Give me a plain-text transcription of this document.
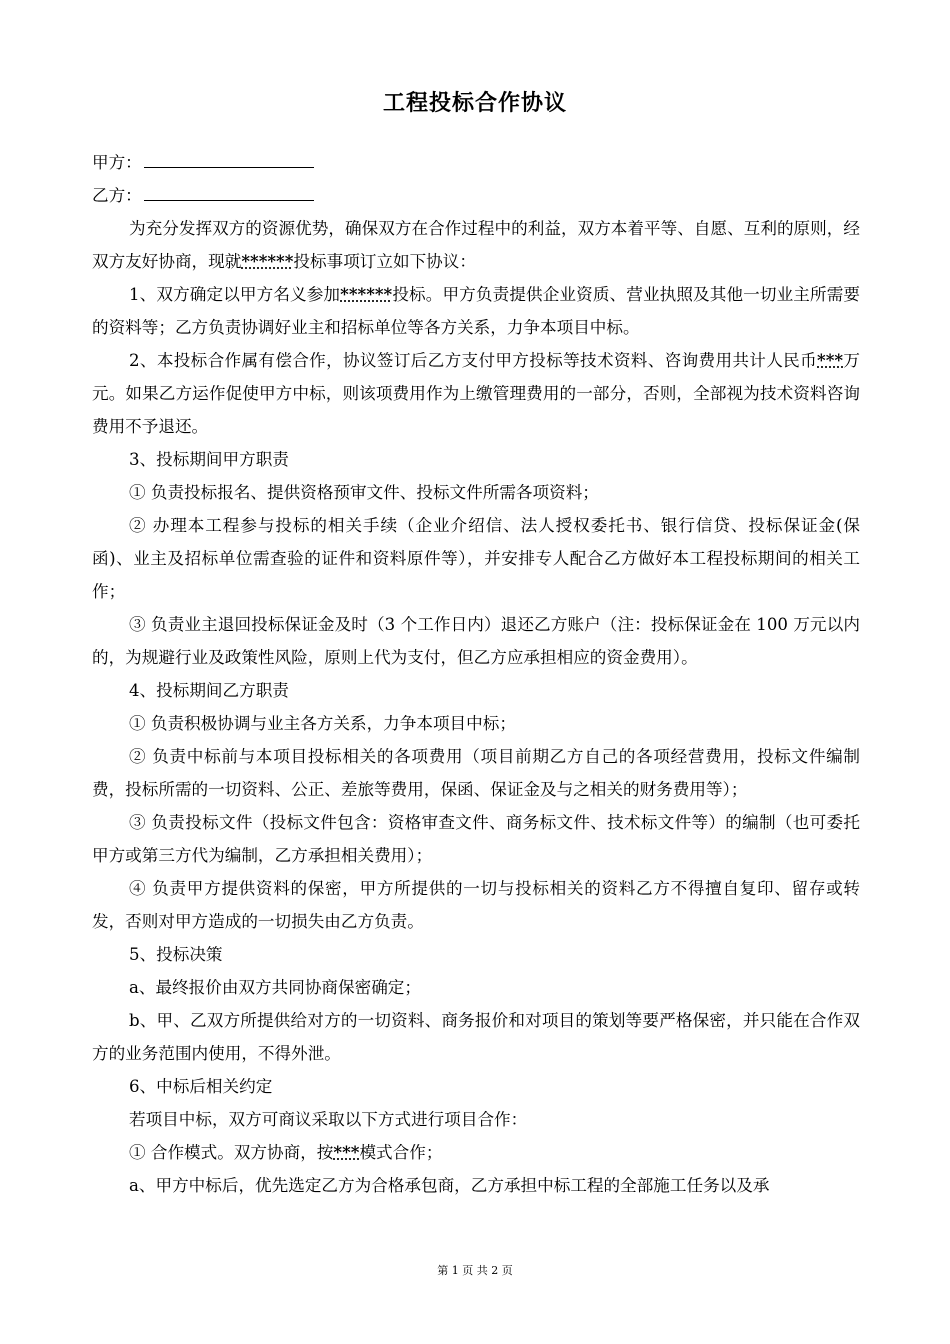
工程投标合作协议

甲方：

乙方：

为充分发挥双方的资源优势，确保双方在合作过程中的利益，双方本着平等、自愿、互利的原则，经双方友好协商，现就******投标事项订立如下协议：

1、双方确定以甲方名义参加******投标。甲方负责提供企业资质、营业执照及其他一切业主所需要的资料等；乙方负责协调好业主和招标单位等各方关系，力争本项目中标。

2、本投标合作属有偿合作，协议签订后乙方支付甲方投标等技术资料、咨询费用共计人民币***万元。如果乙方运作促使甲方中标，则该项费用作为上缴管理费用的一部分，否则，全部视为技术资料咨询费用不予退还。

3、投标期间甲方职责

① 负责投标报名、提供资格预审文件、投标文件所需各项资料；

② 办理本工程参与投标的相关手续（企业介绍信、法人授权委托书、银行信贷、投标保证金(保函)、业主及招标单位需查验的证件和资料原件等），并安排专人配合乙方做好本工程投标期间的相关工作；

③ 负责业主退回投标保证金及时（3 个工作日内）退还乙方账户（注：投标保证金在 100 万元以内的，为规避行业及政策性风险，原则上代为支付，但乙方应承担相应的资金费用）。

4、投标期间乙方职责

① 负责积极协调与业主各方关系，力争本项目中标；

② 负责中标前与本项目投标相关的各项费用（项目前期乙方自己的各项经营费用，投标文件编制费，投标所需的一切资料、公正、差旅等费用，保函、保证金及与之相关的财务费用等）；

③ 负责投标文件（投标文件包含：资格审查文件、商务标文件、技术标文件等）的编制（也可委托甲方或第三方代为编制，乙方承担相关费用）；

④ 负责甲方提供资料的保密，甲方所提供的一切与投标相关的资料乙方不得擅自复印、留存或转发，否则对甲方造成的一切损失由乙方负责。

5、投标决策

a、最终报价由双方共同协商保密确定；

b、甲、乙双方所提供给对方的一切资料、商务报价和对项目的策划等要严格保密，并只能在合作双方的业务范围内使用，不得外泄。

6、中标后相关约定

若项目中标，双方可商议采取以下方式进行项目合作：

① 合作模式。双方协商，按***模式合作；

a、甲方中标后，优先选定乙方为合格承包商，乙方承担中标工程的全部施工任务以及承

第 1 页 共 2 页
